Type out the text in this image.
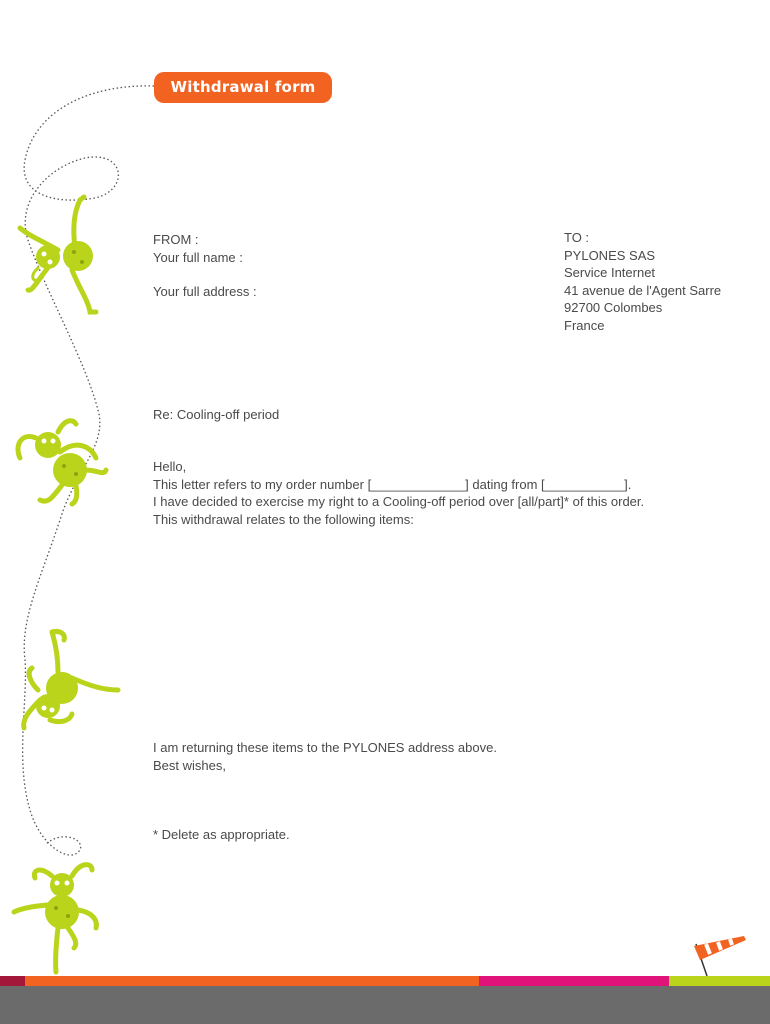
Withdrawal form
FROM :
Your full name :
Your full address :
TO :
PYLONES SAS
Service Internet
41 avenue de l'Agent Sarre
92700 Colombes
France
Re: Cooling-off period
Hello,
This letter refers to my order number [_____________] dating from [___________].
I have decided to exercise my right to a Cooling-off period over [all/part]* of this order.
This withdrawal relates to the following items:
I am returning these items to the PYLONES address above.
Best wishes,
* Delete as appropriate.
